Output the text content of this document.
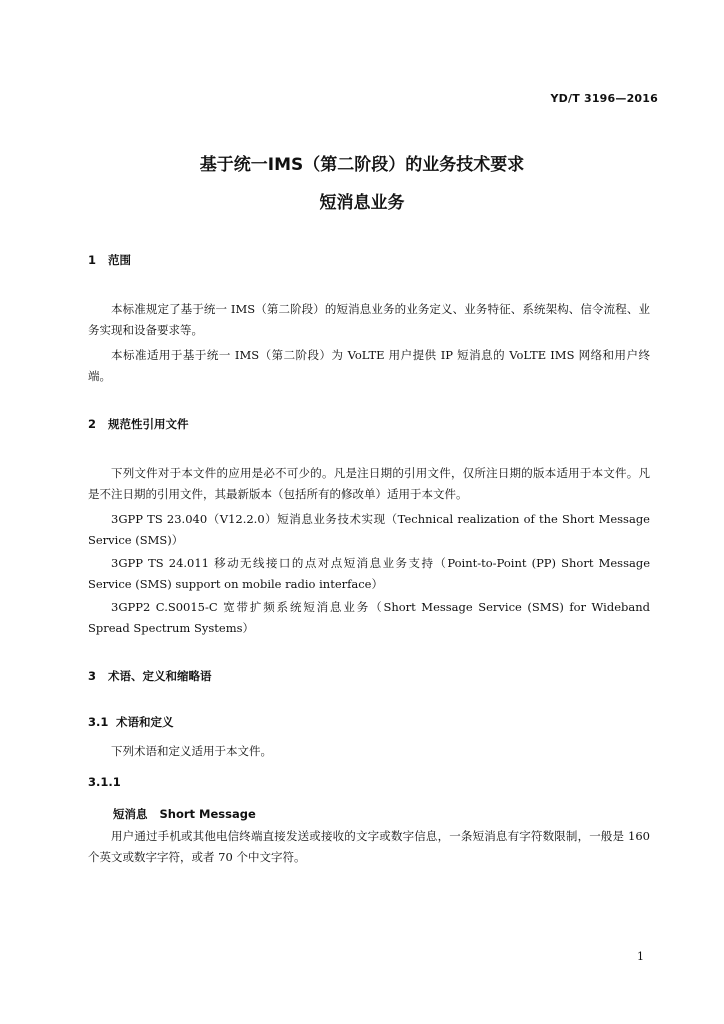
YD/T 3196—2016
基于统一IMS（第二阶段）的业务技术要求
短消息业务
1 范围
本标准规定了基于统一 IMS（第二阶段）的短消息业务的业务定义、业务特征、系统架构、信令流程、业务实现和设备要求等。
本标准适用于基于统一 IMS（第二阶段）为 VoLTE 用户提供 IP 短消息的 VoLTE IMS 网络和用户终端。
2 规范性引用文件
下列文件对于本文件的应用是必不可少的。凡是注日期的引用文件，仅所注日期的版本适用于本文件。凡是不注日期的引用文件，其最新版本（包括所有的修改单）适用于本文件。
3GPP TS 23.040（V12.2.0）短消息业务技术实现（Technical realization of the Short Message Service (SMS)）
3GPP TS 24.011 移动无线接口的点对点短消息业务支持（Point-to-Point (PP) Short Message Service (SMS) support on mobile radio interface）
3GPP2 C.S0015-C 宽带扩频系统短消息业务（Short Message Service (SMS) for Wideband Spread Spectrum Systems）
3 术语、定义和缩略语
3.1 术语和定义
下列术语和定义适用于本文件。
3.1.1
短消息 Short Message
用户通过手机或其他电信终端直接发送或接收的文字或数字信息，一条短消息有字符数限制，一般是 160 个英文或数字字符，或者 70 个中文字符。
1
